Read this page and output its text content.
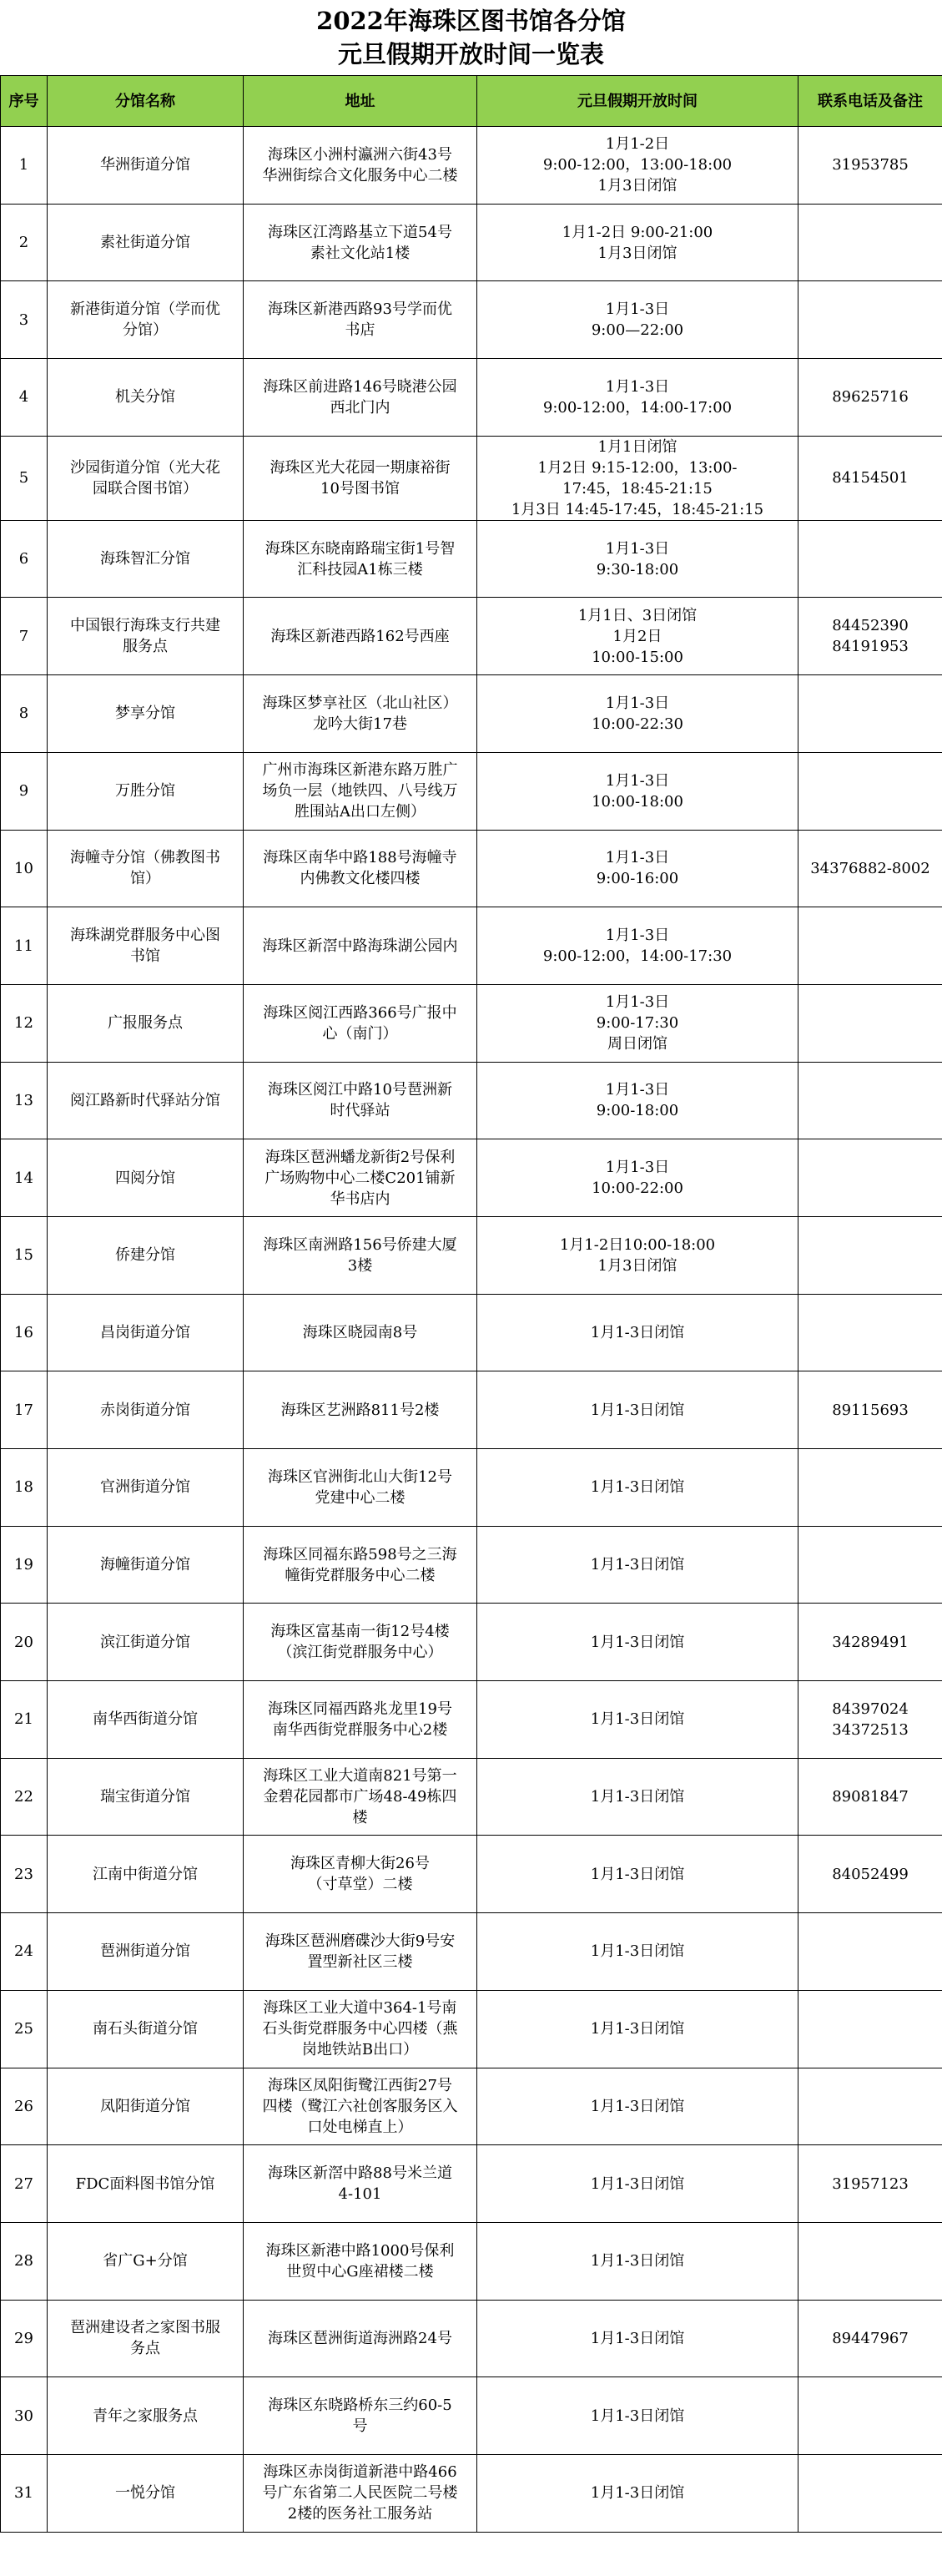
2022年海珠区图书馆各分馆
元旦假期开放时间一览表
序号	分馆名称	地址	元旦假期开放时间	联系电话及备注
1	华洲街道分馆	海珠区小洲村瀛洲六街43号
华洲街综合文化服务中心二楼	1月1-2日
9:00-12:00，13:00-18:00
1月3日闭馆	31953785
2	素社街道分馆	海珠区江湾路基立下道54号
素社文化站1楼	1月1-2日 9:00-21:00
1月3日闭馆	
3	新港街道分馆（学而优
分馆）	海珠区新港西路93号学而优
书店	1月1-3日
9:00—22:00	
4	机关分馆	海珠区前进路146号晓港公园
西北门内	1月1-3日
9:00-12:00，14:00-17:00	89625716
5	沙园街道分馆（光大花
园联合图书馆）	海珠区光大花园一期康裕街
10号图书馆	1月1日闭馆
1月2日 9:15-12:00，13:00-
17:45，18:45-21:15
1月3日 14:45-17:45，18:45-21:15	84154501
6	海珠智汇分馆	海珠区东晓南路瑞宝街1号智
汇科技园A1栋三楼	1月1-3日
9:30-18:00	
7	中国银行海珠支行共建
服务点	海珠区新港西路162号西座	1月1日、3日闭馆
1月2日
10:00-15:00	84452390
84191953
8	梦享分馆	海珠区梦享社区（北山社区）
龙吟大街17巷	1月1-3日
10:00-22:30	
9	万胜分馆	广州市海珠区新港东路万胜广
场负一层（地铁四、八号线万
胜围站A出口左侧）	1月1-3日
10:00-18:00	
10	海幢寺分馆（佛教图书
馆）	海珠区南华中路188号海幢寺
内佛教文化楼四楼	1月1-3日
9:00-16:00	34376882-8002
11	海珠湖党群服务中心图
书馆	海珠区新滘中路海珠湖公园内	1月1-3日
9:00-12:00，14:00-17:30	
12	广报服务点	海珠区阅江西路366号广报中
心（南门）	1月1-3日
9:00-17:30
周日闭馆	
13	阅江路新时代驿站分馆	海珠区阅江中路10号琶洲新
时代驿站	1月1-3日
9:00-18:00	
14	四阅分馆	海珠区琶洲蟠龙新街2号保利
广场购物中心二楼C201铺新
华书店内	1月1-3日
10:00-22:00	
15	侨建分馆	海珠区南洲路156号侨建大厦
3楼	1月1-2日10:00-18:00
1月3日闭馆	
16	昌岗街道分馆	海珠区晓园南8号	1月1-3日闭馆	
17	赤岗街道分馆	海珠区艺洲路811号2楼	1月1-3日闭馆	89115693
18	官洲街道分馆	海珠区官洲街北山大街12号
党建中心二楼	1月1-3日闭馆	
19	海幢街道分馆	海珠区同福东路598号之三海
幢街党群服务中心二楼	1月1-3日闭馆	
20	滨江街道分馆	海珠区富基南一街12号4楼
（滨江街党群服务中心）	1月1-3日闭馆	34289491
21	南华西街道分馆	海珠区同福西路兆龙里19号
南华西街党群服务中心2楼	1月1-3日闭馆	84397024
34372513
22	瑞宝街道分馆	海珠区工业大道南821号第一
金碧花园都市广场48-49栋四
楼	1月1-3日闭馆	89081847
23	江南中街道分馆	海珠区青柳大街26号
（寸草堂）二楼	1月1-3日闭馆	84052499
24	琶洲街道分馆	海珠区琶洲磨碟沙大街9号安
置型新社区三楼	1月1-3日闭馆	
25	南石头街道分馆	海珠区工业大道中364-1号南
石头街党群服务中心四楼（燕
岗地铁站B出口）	1月1-3日闭馆	
26	凤阳街道分馆	海珠区凤阳街鹭江西街27号
四楼（鹭江六社创客服务区入
口处电梯直上）	1月1-3日闭馆	
27	FDC面料图书馆分馆	海珠区新滘中路88号米兰道
4-101	1月1-3日闭馆	31957123
28	省广G+分馆	海珠区新港中路1000号保利
世贸中心G座裙楼二楼	1月1-3日闭馆	
29	琶洲建设者之家图书服
务点	海珠区琶洲街道海洲路24号	1月1-3日闭馆	89447967
30	青年之家服务点	海珠区东晓路桥东三约60-5
号	1月1-3日闭馆	
31	一悦分馆	海珠区赤岗街道新港中路466
号广东省第二人民医院二号楼
2楼的医务社工服务站	1月1-3日闭馆	
